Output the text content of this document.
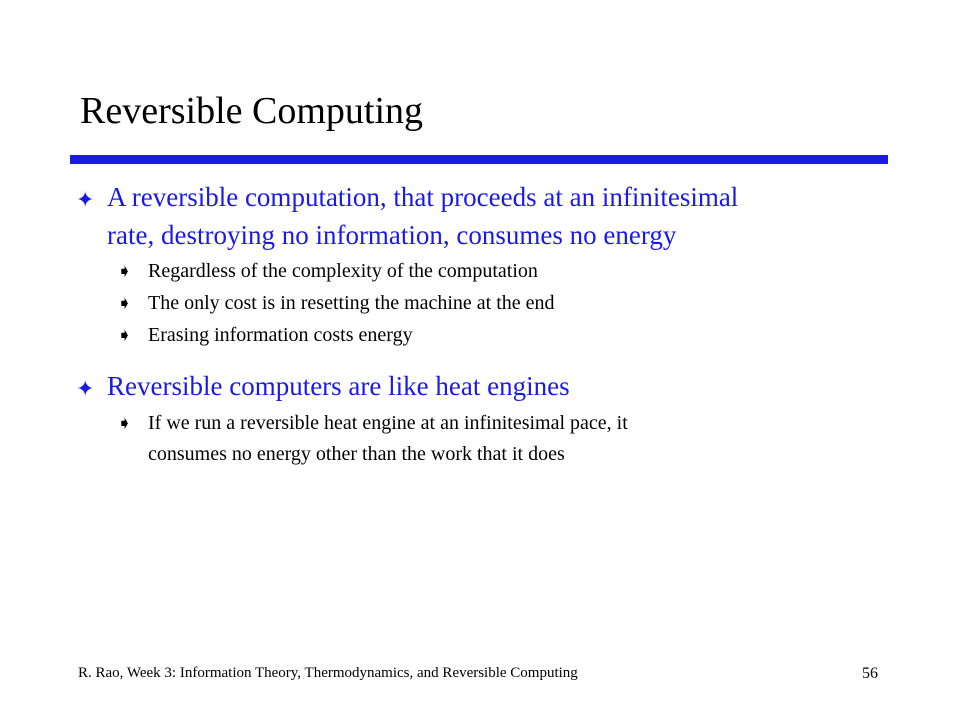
Reversible Computing
✦ A reversible computation, that proceeds at an infinitesimal
rate, destroying no information, consumes no energy
➧ Regardless of the complexity of the computation
➧ The only cost is in resetting the machine at the end
➧ Erasing information costs energy
✦ Reversible computers are like heat engines
➧ If we run a reversible heat engine at an infinitesimal pace, it
consumes no energy other than the work that it does
R. Rao, Week 3: Information Theory, Thermodynamics, and Reversible Computing	56
